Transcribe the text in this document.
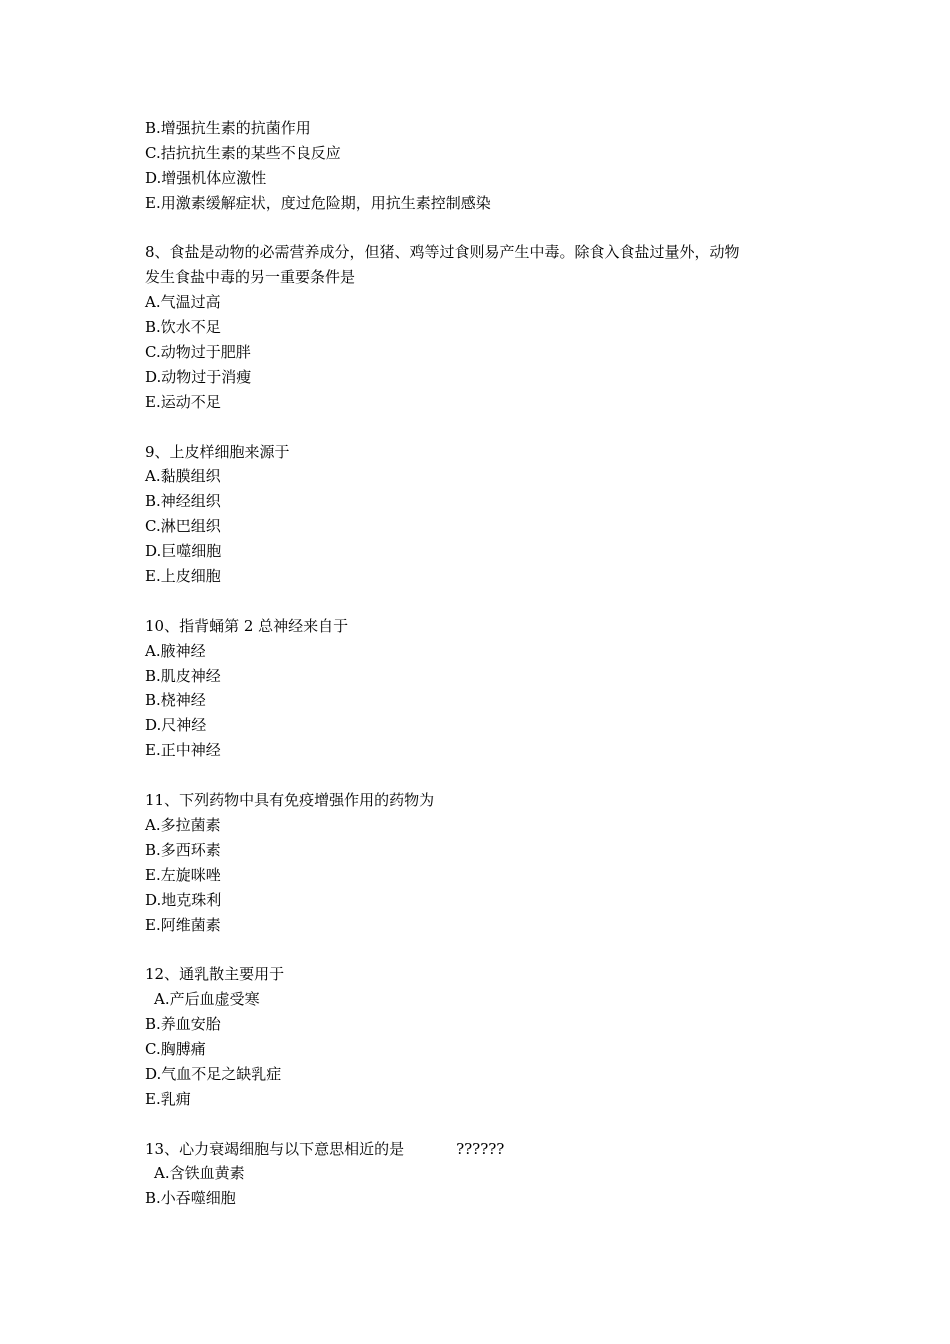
B.增强抗生素的抗菌作用
C.拮抗抗生素的某些不良反应
D.增强机体应激性
E.用激素缓解症状，度过危险期，用抗生素控制感染
8、食盐是动物的必需营养成分，但猪、鸡等过食则易产生中毒。除食入食盐过量外，动物
发生食盐中毒的另一重要条件是
A.气温过高
B.饮水不足
C.动物过于肥胖
D.动物过于消瘦
E.运动不足
9、上皮样细胞来源于
A.黏膜组织
B.神经组织
C.淋巴组织
D.巨噬细胞
E.上皮细胞
10、指背蛹第 2 总神经来自于
A.腋神经
B.肌皮神经
B.桡神经
D.尺神经
E.正中神经
11、下列药物中具有免疫增强作用的药物为
A.多拉菌素
B.多西环素
E.左旋咪唑
D.地克珠利
E.阿维菌素
12、通乳散主要用于
A.产后血虚受寒
B.养血安胎
C.胸膊痛
D.气血不足之缺乳症
E.乳痈
13、心力衰竭细胞与以下意思相近的是	??????
A.含铁血黄素
B.小吞噬细胞
